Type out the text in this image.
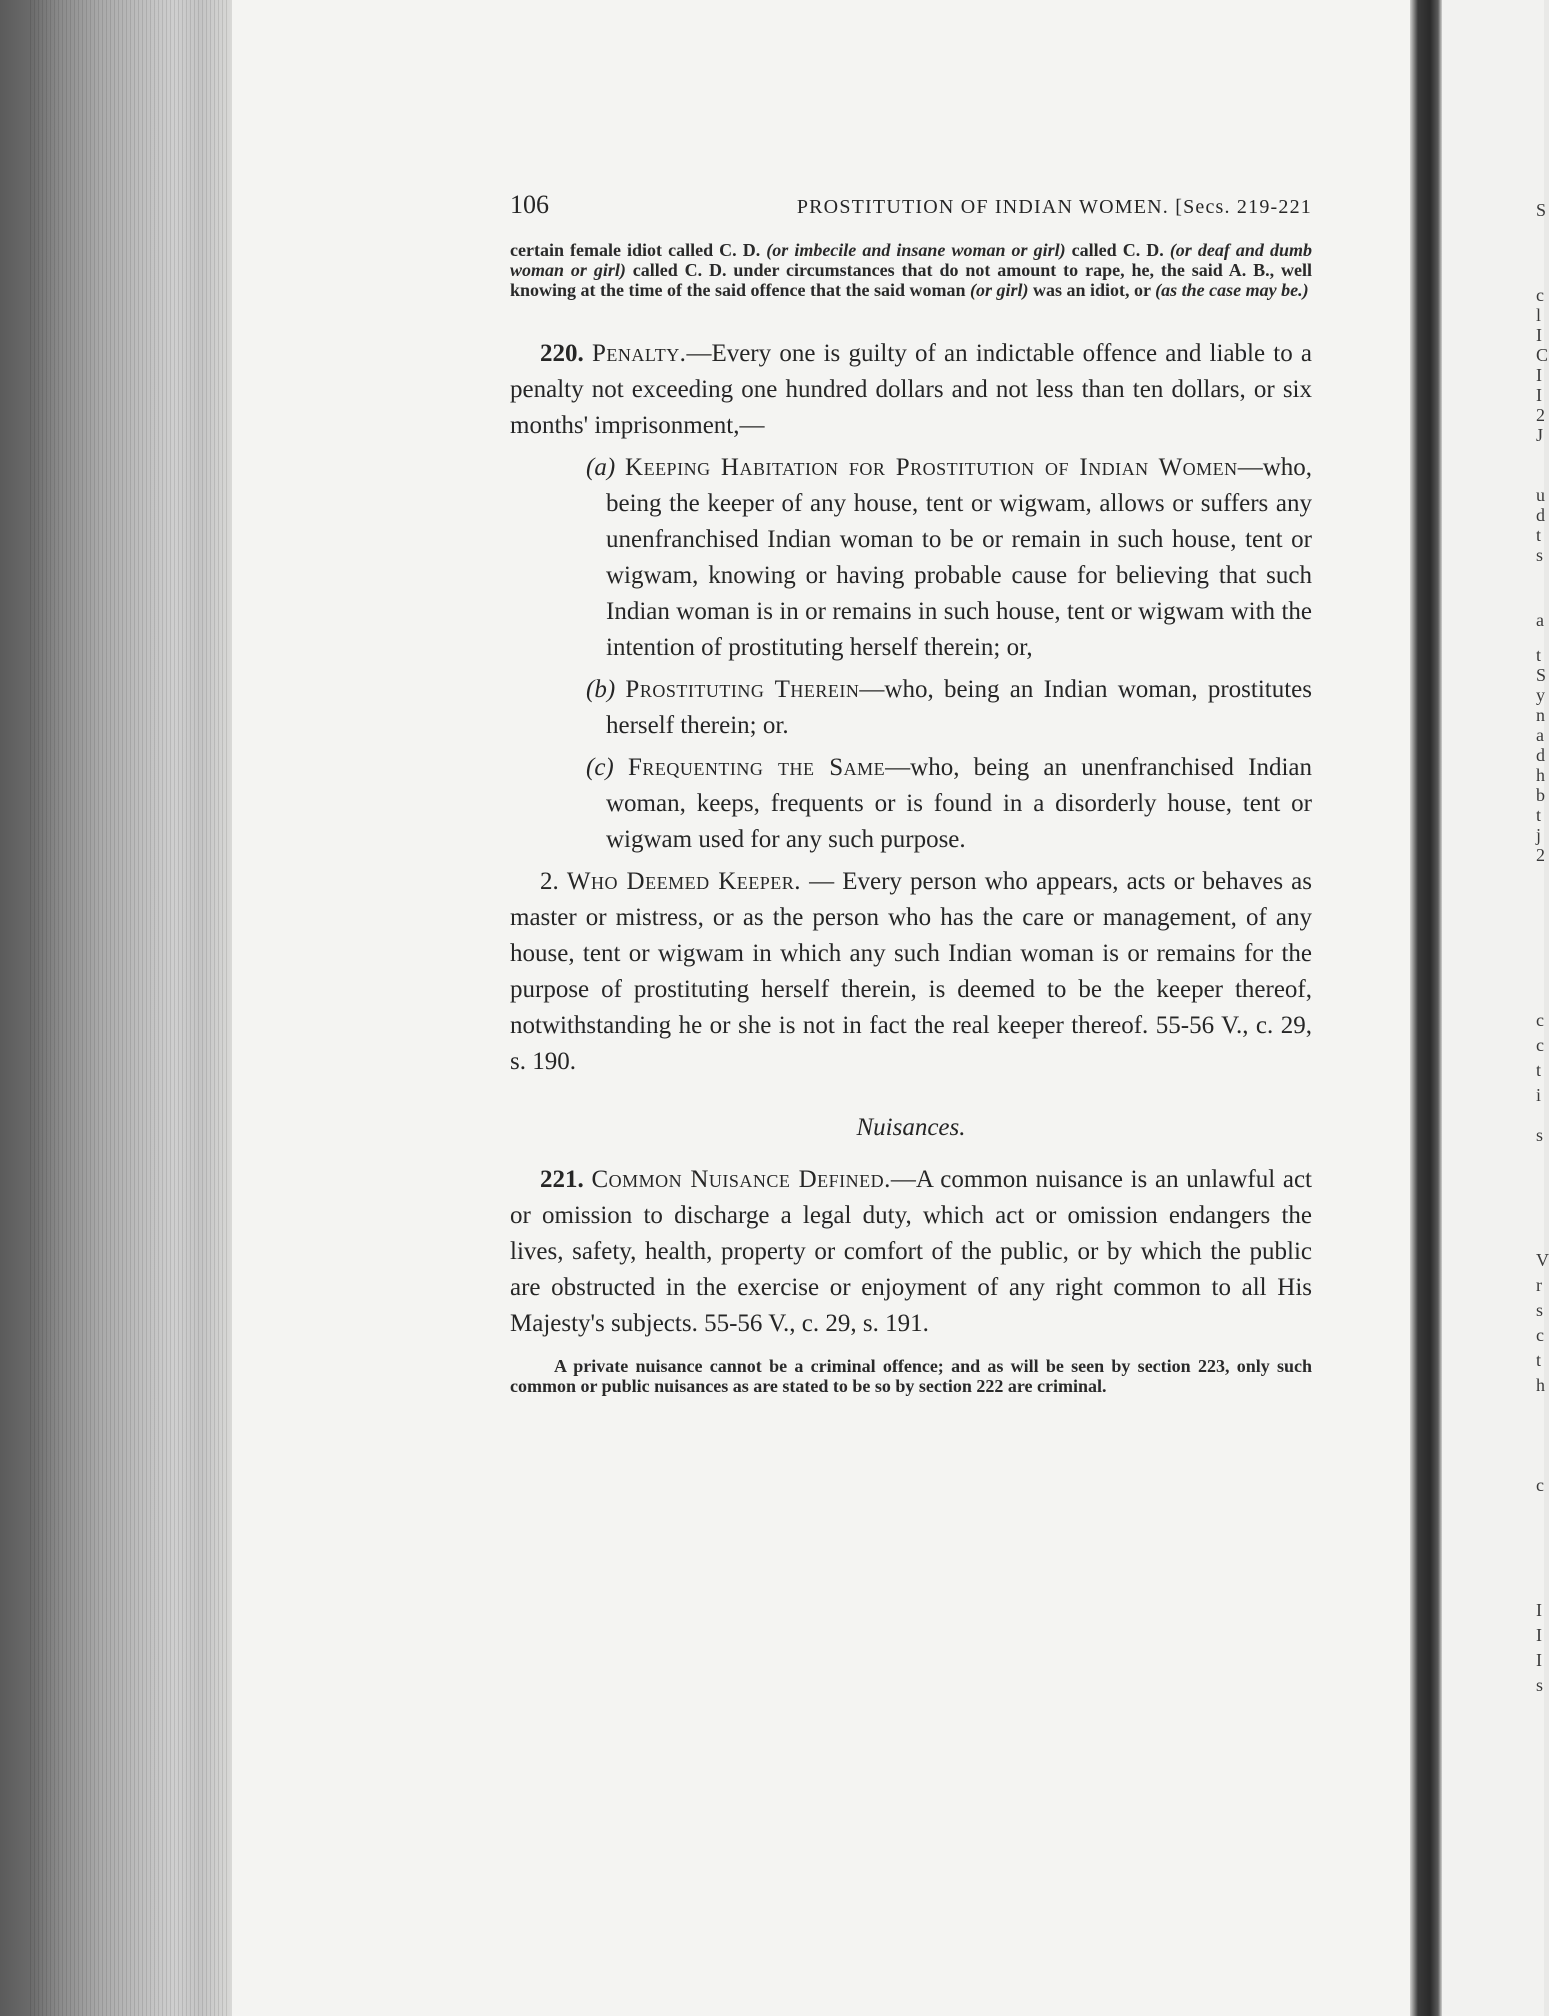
S
c
l
I
C
I
I
2
J
u
d
t
s
a
t
S
y
n
a
d
h
b
t
j
2
c
c
t
i
s
V
r
s
c
t
h
c
I
I
I
s
106	PROSTITUTION OF INDIAN WOMEN. [Secs. 219-221
certain female idiot called C. D. (or imbecile and insane woman or girl) called C. D. (or deaf and dumb woman or girl) called C. D. under circumstances that do not amount to rape, he, the said A. B., well knowing at the time of the said offence that the said woman (or girl) was an idiot, or (as the case may be.)
220. Penalty.—Every one is guilty of an indictable offence and liable to a penalty not exceeding one hundred dollars and not less than ten dollars, or six months' imprisonment,—
(a) Keeping Habitation for Prostitution of Indian Women—who, being the keeper of any house, tent or wigwam, allows or suffers any unenfranchised Indian woman to be or remain in such house, tent or wigwam, knowing or having probable cause for believing that such Indian woman is in or remains in such house, tent or wigwam with the intention of prostituting herself therein; or,
(b) Prostituting Therein—who, being an Indian woman, prostitutes herself therein; or.
(c) Frequenting the Same—who, being an unenfranchised Indian woman, keeps, frequents or is found in a disorderly house, tent or wigwam used for any such purpose.
2. Who Deemed Keeper. — Every person who appears, acts or behaves as master or mistress, or as the person who has the care or management, of any house, tent or wigwam in which any such Indian woman is or remains for the purpose of prostituting herself therein, is deemed to be the keeper thereof, notwithstanding he or she is not in fact the real keeper thereof. 55-56 V., c. 29, s. 190.
Nuisances.
221. Common Nuisance Defined.—A common nuisance is an unlawful act or omission to discharge a legal duty, which act or omission endangers the lives, safety, health, property or comfort of the public, or by which the public are obstructed in the exercise or enjoyment of any right common to all His Majesty's subjects. 55-56 V., c. 29, s. 191.
A private nuisance cannot be a criminal offence; and as will be seen by section 223, only such common or public nuisances as are stated to be so by section 222 are criminal.
